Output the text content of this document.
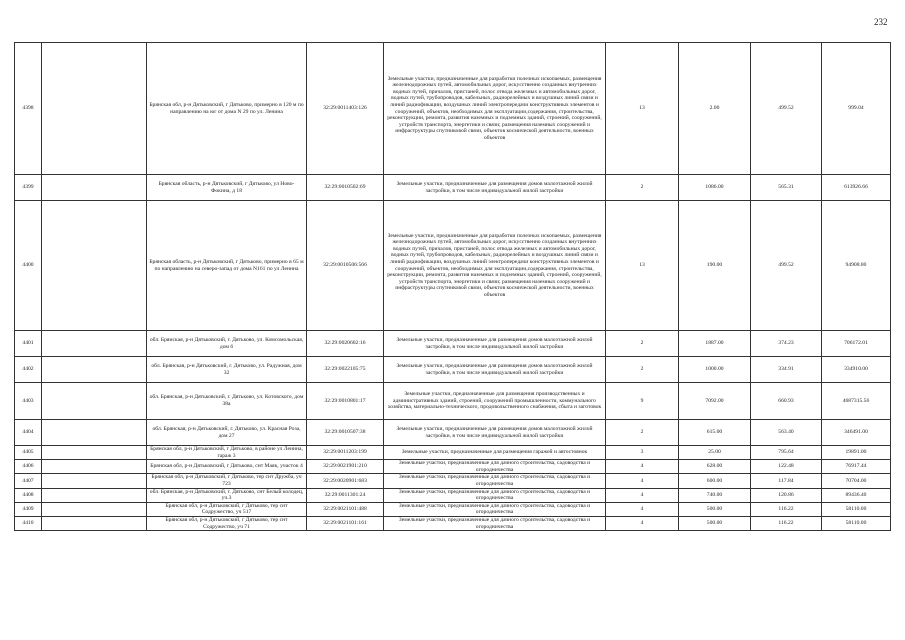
232
4398		Брянская обл, р-н Дятьковский, г Дятьково, примерно в 120 м по направлению на юг от дома N 29 по ул. Ленина	32:29:0011403:126	Земельные участки, предназначенные для разработки полезных ископаемых, размещения железнодорожных путей, автомобильных дорог, искусственно созданных внутренних водных путей, причалов, пристаней, полос отвода железных и автомобильных дорог, водных путей, трубопроводов, кабельных, радиорелейных и воздушных линий связи и линий радиофикации, воздушных линий электропередачи конструктивных элементов и сооружений, объектов, необходимых для эксплуатации,содержания, строительства, реконструкции, ремонта, развития наземных и подземных зданий, строений, сооружений, устройств транспорта, энергетики и связи; размещения наземных сооружений и инфраструктуры спутниковой связи, объектов космической деятельности, военных объектов	13	2.00	499.52	999.04
4399		Брянская область, р-н Дятьковский, г Дятьково, ул Ново-Фокина, д 18	32:29:0010502:69	Земельные участки, предназначенные для размещения домов малоэтажной жилой застройки, в том числе индивидуальной жилой застройки	2	1086.00	565.31	613926.66
4400		Брянская область, р-н Дятьковский, г Дятьково, примерно в 65 м по направлению на северо-запад от дома N161 по ул Ленина	32:29:0010506:566	Земельные участки, предназначенные для разработки полезных ископаемых, размещения железнодорожных путей, автомобильных дорог, искусственно созданных внутренних водных путей, причалов, пристаней, полос отвода железных и автомобильных дорог, водных путей, трубопроводов, кабельных, радиорелейных и воздушных линий связи и линий радиофикации, воздушных линий электропередачи конструктивных элементов и сооружений, объектов, необходимых для эксплуатации,содержания, строительства, реконструкции, ремонта, развития наземных и подземных зданий, строений, сооружений, устройств транспорта, энергетики и связи; размещения наземных сооружений и инфраструктуры спутниковой связи, объектов космической деятельности, военных объектов	13	190.00	499.52	94908.80
4401		обл. Брянская, р-н Дятьковский, г. Дятьково, ул. Комсомольская, дом 6	32:29:0020602:16	Земельные участки, предназначенные для размещения домов малоэтажной жилой застройки, в том числе индивидуальной жилой застройки	2	1887.00	374.23	706172.01
4402		обл. Брянская, р-н Дятьковский, г. Дятьково, ул. Радужная, дом 32	32:29:0022105:75	Земельные участки, предназначенные для размещения домов малоэтажной жилой застройки, в том числе индивидуальной жилой застройки	2	1000.00	334.91	334910.00
4403		обл. Брянская, р-н Дятьковский, г. Дятьково, ул. Котовского, дом 38а	32:29:0010801:17	Земельные участки, предназначенные для размещения производственных и административных зданий, строений, сооружений промышленности, коммунального хозяйства, материально-технического, продовольственного снабжения, сбыта и заготовок	9	7092.00	660.93	4687315.56
4404		обл. Брянская, р-н Дятьковский, г. Дятьково, ул. Красная Роза, дом 27	32:29:0010507:38	Земельные участки, предназначенные для размещения домов малоэтажной жилой застройки, в том числе индивидуальной жилой застройки	2	615.00	563.40	346491.00
4405		Брянская обл, р-н Дятьковский, г Дятьково, в районе ул Ленина, гараж 3	32:29:0011203:199	Земельные участки, предназначенные для размещения гаражей и автостоянок	3	25.00	795.64	19891.00
4406		Брянская обл, р-н Дятьковский, г Дятьково, снт Маяк, участок 4	32:29:0021901:210	Земельные участки, предназначенные для дачного строительства, садоводства и огородничества	4	628.00	122.48	76917.44
4407		Брянская обл, р-н Дятьковский, г Дятьково, тер снт Дружба, уч 723	32:29:0020901:683	Земельные участки, предназначенные для дачного строительства, садоводства и огородничества	4	600.00	117.84	70704.00
4408		обл. Брянская, р-н Дятьковский, г. Дятьково, снт Белый колодец, уч.3	32:29:0011301:24	Земельные участки, предназначенные для дачного строительства, садоводства и огородничества	4	740.00	120.86	89436.40
4409		Брянская обл, р-н Дятьковский, г Дятьково, тер снт Содружество, уч 517	32:29:0021101:488	Земельные участки, предназначенные для дачного строительства, садоводства и огородничества	4	500.00	116.22	58110.00
4410		Брянская обл, р-н Дятьковский, г Дятьково, тер снт Содружество, уч 71	32:29:0021101:161	Земельные участки, предназначенные для дачного строительства, садоводства и огородничества	4	500.00	116.22	58110.00
